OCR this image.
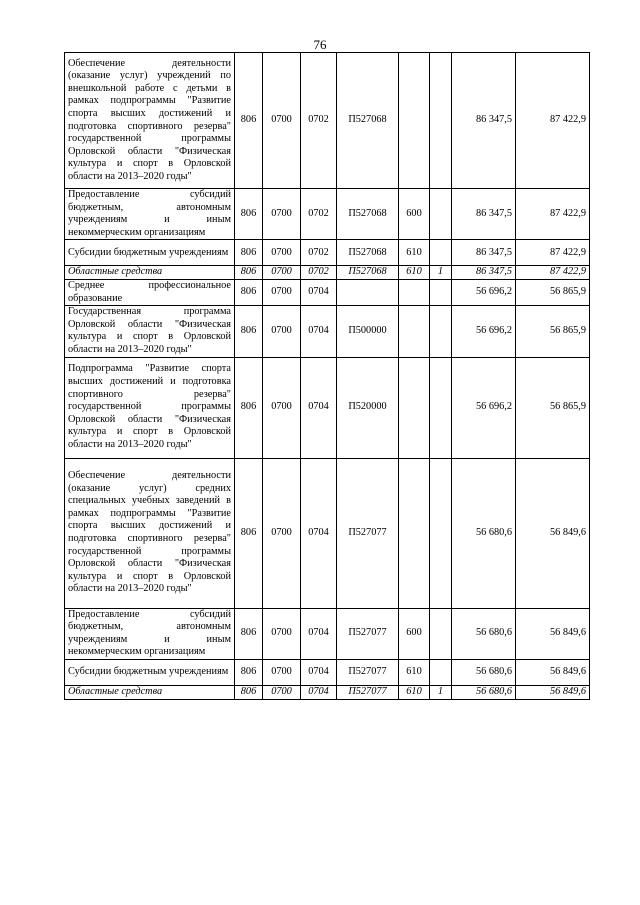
76
Обеспечение деятельности (оказание услуг) учреждений по внешкольной работе с детьми в рамках подпрограммы "Развитие спорта высших достижений и подготовка спортивного резерва" государственной программы Орловской области "Физическая культура и спорт в Орловской области на 2013–2020 годы"	806	0700	0702	П527068			86 347,5	87 422,9
Предоставление субсидий бюджетным, автономным учреждениям и иным некоммерческим организациям	806	0700	0702	П527068	600		86 347,5	87 422,9
Субсидии бюджетным учреждениям	806	0700	0702	П527068	610		86 347,5	87 422,9
Областные средства	806	0700	0702	П527068	610	1	86 347,5	87 422,9
Среднее профессиональное образование	806	0700	0704				56 696,2	56 865,9
Государственная программа Орловской области "Физическая культура и спорт в Орловской области на 2013–2020 годы"	806	0700	0704	П500000			56 696,2	56 865,9
Подпрограмма "Развитие спорта высших достижений и подготовка спортивного резерва" государственной программы Орловской области "Физическая культура и спорт в Орловской области на 2013–2020 годы"	806	0700	0704	П520000			56 696,2	56 865,9
Обеспечение деятельности (оказание услуг) средних специальных учебных заведений в рамках подпрограммы "Развитие спорта высших достижений и подготовка спортивного резерва" государственной программы Орловской области "Физическая культура и спорт в Орловской области на 2013–2020 годы"	806	0700	0704	П527077			56 680,6	56 849,6
Предоставление субсидий бюджетным, автономным учреждениям и иным некоммерческим организациям	806	0700	0704	П527077	600		56 680,6	56 849,6
Субсидии бюджетным учреждениям	806	0700	0704	П527077	610		56 680,6	56 849,6
Областные средства	806	0700	0704	П527077	610	1	56 680,6	56 849,6
